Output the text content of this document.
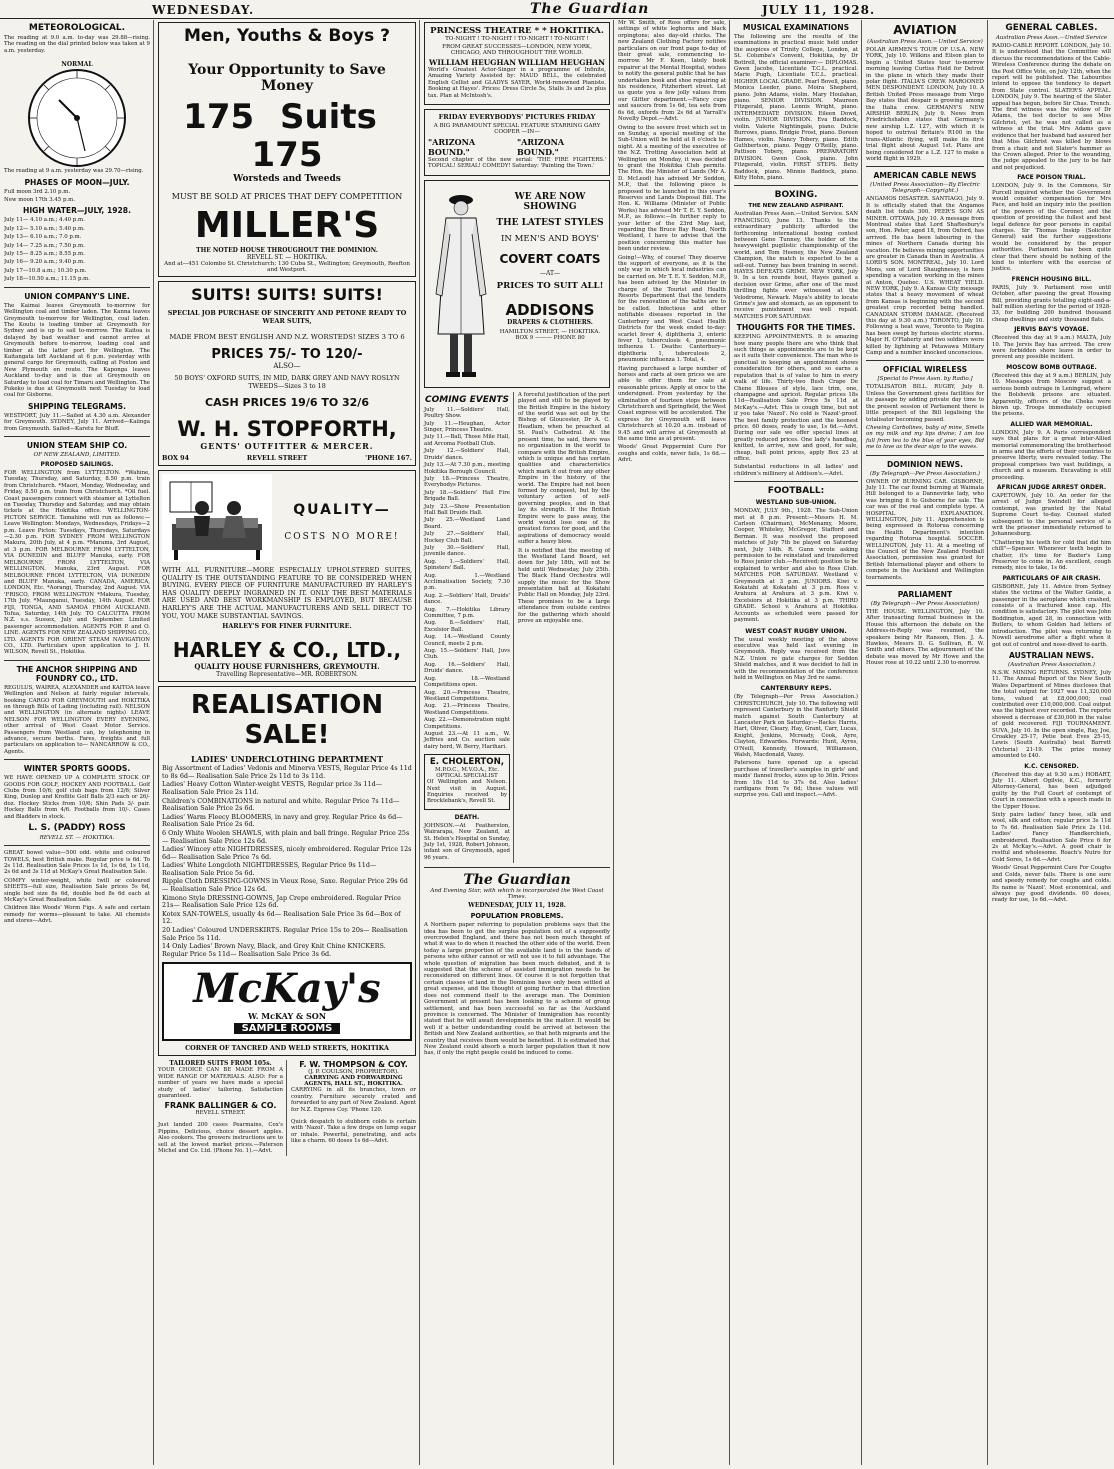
WEDNESDAY.	The Guardian	JULY 11, 1928.
METEOROLOGICAL.

The reading at 9.0 a.m. to-day was 29.88—rising. The reading on the dial printed below was taken at 9 a.m. yesterday.

NORMAL

The reading at 9 a.m. yesterday was 29.70—rising.

PHASES OF MOON—JULY.

Full moon 3rd 2.10 p.m.

New moon 17th 3.45 p.m.

HIGH WATER—JULY, 1928.

July 11— 4.10 a.m.; 4.40 p.m.

July 12— 5.10 a.m.; 5.40 p.m.

July 13— 6.10 a.m.; 7.0 p.m.

July 14— 7.25 a.m.; 7.50 p.m.

July 15— 8.25 a.m.; 8.55 p.m.

July 16— 9.20 a.m.; 9.40 p.m.

July 17—10.8 a.m.; 10.30 p.m.

July 18—10.50 a.m.; 11.15 p.m.

UNION COMPANY'S LINE.

The Kaimai leaves Greymouth to-morrow for Wellington coal and timber laden. The Kanna leaves Greymouth to-morrow for Wellington, coal laden. The Koutu is loading timber at Greymouth for Sydney and is up to sail to-morrow. The Kaitoa is delayed by bad weather and cannot arrive at Greymouth before to-morrow, loading coal and timber at the latter port for Wellington. The Kaitangata left Auckland at 6 p.m. yesterday with general cargo for Greymouth, calling at Foxton and New Plymouth en route. The Kaponga leaves Auckland to-day and is due at Greymouth on Saturday to load coal for Timaru and Wellington. The Pukeko is due at Greymouth next Tuesday to load coal for Gisborne.

SHIPPING TELEGRAMS.

WESTPORT, July 11.—Sailed at 4.30 a.m. Alexander for Greymouth. SYDNEY, July 11. Arrived—Kaiinga from Greymouth. Sailed—Karetu for Bluff.

UNION STEAM SHIP CO.
OF NEW ZEALAND, LIMITED.
PROPOSED SAILINGS.

FOR WELLINGTON from LYTTELTON. *Wahine, Tuesday, Thursday, and Saturday, 8.50 p.m. train from Christchurch. *Maori, Monday, Wednesday, and Friday, 8.50 p.m. train from Christchurch. *Oil fuel. Coast passengers connect with steamer at Lyttelton on Tuesday, Thursday and Saturday, and may obtain tickets at the Hokitika office. WELLINGTON-PICTON SERVICE. Tamahine will run as follows:— Leave Wellington: Mondays, Wednesdays, Fridays—2 p.m. Leave Picton: Tuesdays, Thursdays, Saturdays—2.30 p.m. FOR SYDNEY FROM WELLINGTON Makura, 20th July, at 4 p.m. *Marama, 3rd August, at 3 p.m. FOR MELBOURNE FROM LYTTELTON, VIA DUNEDIN and BLUFF Manuka, early. FOR MELBOURNE FROM LYTTELTON, VIA WELLINGTON. Manuka, 23rd August. FOR MELBOURNE FROM LYTTELTON, VIA DUNEDIN and BLUFF Manuka, early. CANADA, AMERICA, LONDON, Etc. *Aorangi, Thursday, 2nd August. VIA 'FRISCO, FROM WELLINGTON *Makura, Tuesday, 17th July. *Maunganui, Tuesday, 14th August. FOR FIJI, TONGA, AND SAMOA FROM AUCKLAND. Tofua, Saturday, 14th July. TO CALCUTTA FROM N.Z. s.s. Sussex, July and September. Limited passenger accommodation. AGENTS FOR P. and O. LINE. AGENTS FOR NEW ZEALAND SHIPPING CO., LTD. AGENTS FOR ORIENT STEAM NAVIGATION CO., LTD. Particulars upon application to J. H. WILSON, Revell St., Hokitika.

THE ANCHOR SHIPPING AND FOUNDRY CO., LTD.

REGULUS, WAIREA, ALEXANDER and KAITOA leave Wellington and Nelson at fairly regular intervals, booking CARGO FOR GREYMOUTH and HOKITIKA on through Bills of Lading (including rail). NELSON and WELLINGTON (in alternate nights) LEAVE NELSON FOR WELLINGTON EVERY EVENING, other arrival of West Coast Motor Service. Passengers from Westland can, by telephoning in advance, secure berths. Fares, freights and full particulars on application to— NANCARROW & CO., Agents.

WINTER SPORTS GOODS.

WE HAVE OPENED UP A COMPLETE STOCK OF GOODS FOR GOLF, HOCKEY AND FOOTBALL. Golf Clubs from 10/6; golf club bags from 12/6; Silver King, Dunlop and Kroflite Golf Balls 2/3 each or 26/- doz. Hockey Sticks from 10/6; Shin Pads 3/- pair. Hockey Balls from 4/6. Footballs from 10/-. Cases and Bladders in stock.

L. S. (PADDY) ROSS
REVELL ST. — HOKITIKA.

GREAT bowel value—500 odd. white and coloured TOWELS, best British make. Regular price is 6d. To 2s 11d. Realisation Sale Prices 1s 1d, 1s 6d, 1s 11d, 2s 6d and 3s 11d at McKay's Great Realisation Sale.

COMFY winter-weight, white twill or coloured SHEETS—full size, Realisation Sale prices 5s 6d, single bed size 8s 6d, double bed 8s 6d each at McKay's Great Realisation Sale.

Children like Woods' Worm Figs. A safe and certain remedy for worms—pleasant to take. All chemists and stores—Advt.

Men, Youths & Boys ?
Your Opportunity to Save Money
175 Suits 175
Worsteds and Tweeds
MUST BE SOLD AT PRICES THAT DEFY COMPETITION
MILLER'S
THE NOTED HOUSE THROUGHOUT THE DOMINION.
REVELL ST. — HOKITIKA.
And at—451 Colombo St. Christchurch; 130 Cuba St., Wellington; Greymouth, Reefton and Westport.
SUITS! SUITS! SUITS!
SPECIAL JOB PURCHASE OF SINCERITY AND PETONE READY TO WEAR SUITS,
MADE FROM BEST ENGLISH AND N.Z. WORSTEDS! SIZES 3 TO 6
PRICES 75/- TO 120/-
ALSO—
50 BOYS' OXFORD SUITS, IN MID, DARK GREY AND NAVY ROSLYN TWEEDS—Sizes 3 to 18
CASH PRICES 19/6 TO 32/6
W. H. STOPFORTH,
GENTS' OUTFITTER & MERCER.
BOX 94	REVELL STREET	'PHONE 167.
QUALITY—
COSTS NO MORE!

WITH ALL FURNITURE—MORE ESPECIALLY UPHOLSTERED SUITES, QUALITY IS THE OUTSTANDING FEATURE TO BE CONSIDERED WHEN BUYING. EVERY PIECE OF FURNITURE MANUFACTURED BY HARLEY'S HAS QUALITY DEEPLY INGRAINED IN IT. ONLY THE BEST MATERIALS ARE USED AND BEST WORKMANSHIP IS EMPLOYED, BUT BECAUSE HARLEY'S ARE THE ACTUAL MANUFACTURERS AND SELL DIRECT TO YOU, YOU MAKE SUBSTANTIAL SAVINGS.

HARLEY'S FOR FINER FURNITURE.
HARLEY & CO., LTD.,
QUALITY HOUSE FURNISHERS, GREYMOUTH.
Travelling Representative—MR. ROBERTSON.
REALISATION SALE!
LADIES' UNDERCLOTHING DEPARTMENT

Big Assortment of Ladies' Vedonis and Minerva VESTS, Regular Price 4s 11d to 8s 6d— Realisation Sale Price 2s 11d to 3s 11d.

Ladies' Heavy Cotton Winter-weight VESTS, Regular price 3s 11d— Realisation Sale Price 2s 11d.

Children's COMBINATIONS in natural and white. Regular Price 7s 11d— Realisation Sale Price 2s 6d.

Ladies' Warm Fleecy BLOOMERS, in navy and grey. Regular Price 4s 6d— Realisation Sale Price 2s 6d.

6 Only White Woolen SHAWLS, with plain and ball fringe. Regular Price 25s— Realisation Sale Price 12s 6d.

Ladies' Wincey ette NIGHTDRESSES, nicely embroidered. Regular Price 12s 6d— Realisation Sale Price 7s 6d.

Ladies' White Longcloth NIGHTDRESSES, Regular Price 9s 11d— Realisation Sale Price 5s 6d.

Ripple Cloth DRESSING-GOWNS in Vieux Rose, Saxe. Regular Price 29s 6d— Realisation Sale Price 12s 6d.

Kimono Style DRESSING-GOWNS, Jap Crepe embroidered. Regular Price 21s— Realisation Sale Price 12s 6d.

Kotex SAN-TOWELS, usually 4s 6d— Realisation Sale Price 3s 6d—Box of 12.

20 Ladies' Coloured UNDERSKIRTS. Regular Price 15s to 20s— Realisation Sale Price 5s 11d.

14 Only Ladies' Brown Navy, Black, and Grey Knit Chine KNICKERS. Regular Price 5s 11d— Realisation Sale Price 3s 6d.

McKay's
W. McKAY & SON
SAMPLE ROOMS
CORNER OF TANCRED AND WELD STREETS, HOKITIKA
TAILORED SUITS FROM 105s.

YOUR CHOICE CAN BE MADE FROM A WIDE RANGE OF MATERIALS. ALSO: For a number of years we have made a special study of ladies' tailoring. Satisfaction guaranteed.

FRANK BALLINGER & CO.
REVELL STREET.

Just landed 200 cases Pearmains, Cox's Pippins, Delicious, choice dessert apples. Also cookers. The growers instructions are to sell at the lowest market prices.—Paterson Michel and Co. Ltd. (Phone No. 1).—Advt.

F. W. THOMPSON & COY.
(J. P. COULSON, PROPRIETOR).
CARRYING AND FORWARDING AGENTS, HALL ST., HOKITIKA.

CARRYING in all its branches, town or country. Furniture securely crated and forwarded to any part of New Zealand. Agent for N.Z. Express Coy. 'Phone 120.

Quick despatch to stubborn colds is certain with 'Nazol'. Take a few drops on lump sugar or inhale. Powerful, penetrating, and acts like a charm. 60 doses 1s 6d—Advt.

PRINCESS THEATRE * * HOKITIKA.
TO-NIGHT ! TO-NIGHT ! TO-NIGHT ! TO-NIGHT !
FROM GREAT SUCCESSES—LONDON, NEW YORK, CHICAGO, AND THROUGHOUT THE WORLD.
WILLIAM HEUGHAN WILLIAM HEUGHAN

World's Greatest Actor-Singer in a programme of Infinite, Amazing Variety Assisted by: MAUD BELL, the celebrated English Cellist and GLADYS SAYER, World-renowned Pianiste. Booking at Hayes'. Prices: Dress Circle 5s, Stalls 3s and 2s plus tax. Plan at McIntosh's.

FRIDAY EVERYBODYS' PICTURES FRIDAY
A BIG PARAMOUNT SPECIAL FEATURE STARRING GARY COOPER —IN—
"ARIZONA BOUND."
"ARIZONA BOUND."

Second chapter of the new serial: 'THE FIRE FIGHTERS.' TOPICAL! SERIAL! COMEDY! Saturday: 'Painting the Town.'

WE ARE NOW SHOWING
THE LATEST STYLES
IN MEN'S AND BOYS'
COVERT COATS
—AT—
PRICES TO SUIT ALL!
ADDISONS
DRAPERS & CLOTHIERS.
HAMILTON STREET, — HOKITIKA.
BOX 9 ——— PHONE 80
COMING EVENTS

July 11.—Soldiers' Hall, Poultry Show.

July 11.—Heughan, Actor Singer, Princess Theatre.

July 11.—Ball, Those Mile Hall, aid Arcoma Football Club.

July 12.—Soldiers' Hall, Druids' dance.

July 13.—At 7.30 p.m., meeting Hokitika Borough Council.

July 18.—Princess Theatre, Everybodys Pictures.

July 18.—Soldiers' Hall Fire Brigade Ball.

July 23.—Show Presentation Hall Ball Druids Hall.

July 25.—Westland Land Board.

July 27.—Soldiers' Hall, Hockey Club Ball.

July 30.—Soldiers' Hall, juvenile dance.

Aug. 1.—Soldiers' Hall, Spinsters' Ball.

Aug. 1.—Westland Acclimatisation Society, 7.30 p.m.

Aug. 2.—Soldiers' Hall, Druids' dance.

Aug. 7.—Hokitika Library Committee, 7 p.m.

Aug. 8.—Soldiers' Hall, Excelsior Ball.

Aug. 14.—Westland County Council, meets 2 p.m.

Aug. 15.—Soldiers' Hall, Juvs Club.

Aug. 16.—Soldiers' Hall, Druids' dance.

Aug. 18.—Westland Competitions open.

Aug. 20.—Princess Theatre, Westland Competitions.

Aug. 21.—Princess Theatre, Westland Competitions.

Aug. 22.—Demonstration night Competitions.

August 23.—At 11 a.m., W. Jeffries and Co. auction sale dairy herd, W. Berry, Harihari.

E. CHOLERTON,
M.P.O.C., M.V.O.A., Etc. OPTICAL SPECIALIST

Of Wellington and Nelson. Next visit in August. Enquiries received by Brocklebank's, Revell St.

DEATH.

JOHNSON.—At Featherston, Wairarapa, New Zealand, at St. Helen's Hospital on Sunday, July 1st, 1928, Robert Johnson, infant son of Greymouth, aged 96 years.

A forceful justification of the port played and still to be played by the British Empire in the history of the world was set out by the Bishop of Gloucester, Dr A. C. Headlam, when he preached at St. Paul's Cathedral. At the present time, he said, there was no organisation in the world to compare with the British Empire, which is unique and has certain qualities and characteristics which mark it out from any other Empire in the history of the world. The Empire had not been formed by conquest, but by the voluntary action of self-governing peoples, and in that lay its strength. If the British Empire were to pass away, the world would lose one of its greatest forces for good, and the aspirations of democracy would suffer a heavy blow.

It is notified that the meeting of the Westland Land Board, set down for July 18th, will not be held until Wednesday, July 25th. The Black Hand Orchestra will supply the music for the Show presentation ball at Kokatahi Public Hall on Monday, July 23rd. These promises to be a large attendance from outside centres for the gathering which should prove an enjoyable one.

The Guardian
And Evening Star, with which is incorporated the West Coast Times.
WEDNESDAY, JULY 11, 1928.
POPULATION PROBLEMS.

A Northern paper referring to population problems says that the idea has been to get the surplus population out of a supposedly overcrowded England, and there has not been much thought of what it was to do when it reached the other side of the world. Even today a large proportion of the available land is in the hands of persons who either cannot or will not use it to full advantage. The whole question of migration has been much debated, and it is suggested that the scheme of assisted immigration needs to be reconsidered on different lines. Of course it is not forgotten that certain classes of land in the Dominion have only been settled at great expense, and the thought of going further in that direction does not commend itself to the average man. The Dominion Government at present has been looking to a scheme of group settlement, and has been successful so far as the Auckland province is concerned. The Minister of Immigration has recently stated that he will await developments in the matter. It would be well if a better understanding could be arrived at between the British and New Zealand authorities, so that both migrants and the country that receives them would be benefited. It is estimated that New Zealand could absorb a much larger population than it now has, if only the right people could be induced to come.

Mr W. Smith, of Ross offers for sale, settings of white leghorns and black orpingtons; also day-old chicks. The new Zealand Clothing Factory notifies particulars on our front page to-day of their great sale, commencing to-morrow. Mr F. Keen, lately book repairer at the Mental Hospital, wishes to notify the general public that he has undertaken book and shoe repairing at his residence, Fitzherbert street. Let us quote you a few jolly values from our Glitter department.—Fancy cups and saucers from 1s 6d, tea sets from 6s 6d, oxfords from 2s 6d at Yarrall's Novelty Depot.—Advt.

Owing to the severe frost which set in on Sunday, a special meeting of the Sub-Union will be held at 8 o'clock to-night. At a meeting of the executive of the N.Z. Trotting Association held at Wellington on Monday, it was decided to grant the Hokitika Club permits. The Hon. the Minister of Lands (Mr A. D. McLeod) has advised Mr Seddon, M.P., that the following piece is proposed to be launched in this year's Reserves and Lands Disposal Bill. The Hon. K. Williams (Minister of Public Works) has advised Mr T. E. Y. Seddon, M.P., as follows:—In further reply to your letter of the 23rd May last, regarding the Bruce Bay Road, North Westland, I have to advise that the position concerning this matter has been under review.

Going!—Why, of course! They deserve the support of everyone, as it is the only way in which local industries can be carried on. Mr T. E. Y. Seddon, M.P., has been advised by the Minister in charge of the Tourist and Health Resorts Department that the tenders for the renovation of the baths are to be called. Infectious and other notifiable diseases reported in the Canterbury and West Coast Health Districts for the week ended to-day: scarlet fever 4, diphtheria 3, enteric fever 1, tuberculosis 4, pneumonic influenza 1. Deaths: Canterbury—diphtheria 1, tuberculosis 2, pneumonic influenza 1. Total, 4.

Having purchased a large number of horses and carts at own prices we are able to offer them for sale at reasonable prices. Apply at once to the undersigned. From yesterday by the elimination of fourteen stops between Christchurch and Springfield, the West Coast express will be accelerated. The express for Greymouth will leave Christchurch at 10.20 a.m. instead of 9.45 and will arrive at Greymouth at the same time as at present.

Woods' Great Peppermint Cure For coughs and colds, never fails, 1s 6d.—Advt.

MUSICAL EXAMINATIONS

The following are the results of the examinations in practical music held under the auspices of Trinity College, London, at St. Columba's Convent, Hokitika, by Dr Bottrell, the official examiner:— DIPLOMAS. Gwen Jacobs, Licentiate T.C.L. practical. Marie Pugh, Licentiate T.C.L. practical. HIGHER LOCAL GRADE. Pearl Bovell, piano. Monica Leeder, piano. Moira Shepherd, piano. John Adams, violin. Mary Houlahan, piano. SENIOR DIVISION. Maureen Fitzgerald, piano. Lennis Wright, piano. INTERMEDIATE DIVISION. Eileen Dowd, violin. JUNIOR DIVISION. Eva Baddock, violin. Valerie Nightingale, piano. Dulcie Burrows, piano. Bridgie Frost, piano. Doreen Hames, violin. Nancy Tobery, piano. Edith Guthbertson, piano. Peggy O'Reilly, piano. Pattison Tobery, piano. PREPARATORY DIVISION. Gwen Cook, piano. John Fitzgerald, violin. FIRST STEPS. Betty Baddock, piano. Minnie Baddock, piano. Kitty Hohn, piano.

BOXING.
THE NEW ZEALAND ASPIRANT.

Australian Press Assn.—United Service. SAN FRANCISCO, June 13. Thanks to the extraordinary publicity afforded the forthcoming international boxing contest between Gene Tunney, the holder of the heavyweight pugilistic championship of the world, and Tom Heeney, the New Zealand Champion, the match is expected to be a sell-out. Tunney has been training in secret. HAYES DEFEATS GRIME. NEW YORK, July 9. In a ten rounds bout, Hayes gained a decision over Grime, after one of the most thrilling fights ever witnessed at the Velodrome, Newark. Maya's ability to locate Grime's jaw and stomach, as an opponent to receive punishment was well repaid. MATCHES FOR SATURDAY.

THOUGHTS FOR THE TIMES.

KEEPING APPOINTMENTS. It is amazing how many people there are who think that such things as appointments are to be kept as it suits their convenience. The man who is punctual in keeping an appointment shows consideration for others, and so earns a reputation that is of value to him in every walk of life. Thirty-two Bush Crape De Chene Blouses of style, lace trim, one, champagne and apricot. Regular prices 18s 11d—Realisation Sale Price 5s 11d at McKay's.—Advt. This is cough time, but not if you take 'Nazol'. No cold is 'Nazol'-proof. The best family protection and the keenest price. 60 doses, ready to use, 1s 6d.—Advt. During our sale we offer special lines at greatly reduced prices. One lady's handbag, knitted, to arrive, new and good, for sale, cheap, ball point prices, apply Box 23 at office.

Substantial reductions in all ladies' and children's millinery at Addison's.—Advt.

FOOTBALL:
WESTLAND SUB-UNION.

MONDAY, JULY 9th., 1928. The Sub-Union met at 8 p.m. Present:—Messrs H. M. Carlson (Chairman), McMenamy, Moore, Cooper, Whiteley, McGregor, Stafford and Berman. It was resolved the proposed matches of July 7th be played on Saturday next, July 14th. R. Gunn wrote asking permission to be reinstated and transferred to Ross junior club.—Received; position to be explained to writer and also to Ross Club. MATCHES FOR SATURDAY. Westland v. Greymouth at 3 p.m. JUNIORS. Kiwi v. Kokatahi at Kokatahi at 3 p.m. Ross v. Arahura at Arahura at 3 p.m. Kiwi v. Excelsiors at Hokitika at 3 p.m. THIRD GRADE. School v. Arahura at Hokitika. Accounts as scheduled were passed for payment.

WEST COAST RUGBY UNION.

The usual weekly meeting of the above executive was held last evening in Greymouth. Reply was received from the N.Z. Union re gate charges for Seddon Shield matches, and it was decided to fall in with the recommendation of the conference held in Wellington on May 3rd re same.

CANTERBURY REPS.

(By Telegraph—Per Press Association.) CHRISTCHURCH, July 10. The following will represent Canterbury in the Ranfurly Shield match against South Canterbury at Lancaster Park on Saturday:—Backs: Harris, Hart, Oliver, Cleary, Hay, Grant, Carr, Lucas, Knight, Jenkins, Mcready, Cook, Ayre, Clayton, Edwardes. Forwards: Hunt, Ayres, O'Neill, Kennedy, Howard, Williamson, Walsh, Macdonald, Vazey.

Patersons have opened up a special purchase of traveller's samples in girls' and maids' flannel frocks, sizes up to 36in. Prices from 18s 11d to 37s 6d. Also ladies' cardigans from 7s 6d; these values will surprise you. Call and inspect.—Advt.

AVIATION
(Australian Press Assn.—United Service)

POLAR AIRMEN'S TOUR OF U.S.A. NEW YORK, July 10. Wilkins and Eilson plan to begin a United States tour to-morrow morning leaving Curtiss Field for Detroit in the plane in which they made their polar flight. ITALIA'S CREW. MAROONED MEN DESPONDENT. LONDON, July 10. A British United Press message from Virgo Bay states that despair is growing among the Italia crew. GERMANY'S NEW AIRSHIP. BERLIN, July 9. News from Friedrichshafen states that Germany's new airship L.Z. 127, with which it is hoped to outrival Britain's R100 in the trans-Atlantic flying, will make its first trial flight about August 1st. Plans are being considered for a L.Z. 127 to make a world flight in 1929.

AMERICAN CABLE NEWS
(United Press Association—By Electric Telegraph—Copyright.)

ANGAMOS DISASTER. SANTIAGO, July 9. It is officially stated that the Angamos death list totals 300. PEER'S SON AS MINER. OTTAWA, July 10. A message from Montreal states that Lord Shaftesbury's son, Hon. Peter, aged 18, from Oxford, has arrived. He has been labouring in the mines of Northern Canada during his vacation. He believes mining opportunities are greater in Canada than in Australia. A LORD'S SON. MONTREAL, July 10. Lord Mons, son of Lord Shaughnessy, is here spending a vacation working in the mines at Anton, Quebec. U.S. WHEAT YIELD. NEW YORK, July 9. A Kansas City message states that a heavy movement of wheat from Kansas is beginning with the second greatest crop recorded being handled. CANADIAN STORM DAMAGE. (Received this day at 9.30 a.m.) TORONTO, July 10. Following a heat wave, Toronto to Regina has been swept by furious electric storms. Major H. O'Flaherty and two soldiers were killed by lightning at Petawawa Military Camp and a number knocked unconscious.

OFFICIAL WIRELESS
[Special to Press Assn. by Radio.]

TOTALISATOR BILL. RUGBY, July 8. Unless the Government gives facilities for its passage by adding private day time to the present session of Parliament there is little prospect of the Bill legalising the totalisator becoming passed.

Chewing Carbolines, baby of mine, Smells on my milk and my lips divine; I am too full from tea to the blue of your eyes, Bid me to love as the dear sign to the waves.

DOMINION NEWS.
(By Telegraph—Per Press Association.)

OWNER OF BURNING CAR. GISBORNE, July 11. The car found burning at Waimata Hill belonged to a Dannevirke lady, who was bringing it to Gisborne for sale. The car was of the real and complete type. A HOSPITAL EXPLANATION. WELLINGTON, July 11. Apprehension is being expressed in Rotorua concerning the Health Department's intention regarding Rotorua hospital. SOCCER. WELLINGTON, July 11. At a meeting of the Council of the New Zealand Football Association, permission was granted for British International player and others to compete in the Auckland and Wellington tournaments.

PARLIAMENT
(By Telegraph—Per Press Association)

THE HOUSE. WELLINGTON, July 10. After transacting formal business in the House this afternoon the debate on the Address-in-Reply was resumed, the speakers being Mr Ransom, Hon. J. A. Hawkes, Messrs D. G. Sullivan, R. W. Smith and others. The adjournment of the debate was moved by Mr Howe and the House rose at 10.22 until 2.30 to-morrow.

GENERAL CABLES.
Australian Press Assn.—United Service

RADIO-CABLE REPORT. LONDON, July 10. It is understood that the Committee will discuss the recommendations of the Cable-Wireless Conference during the debate on the Post Office Vote, on July 12th, when the report will be published. The Labourites intend to oppose the tendency to depart from State control. SLATER'S APPEAL. LONDON, July 9. The hearing of the Slater appeal has begun, before Sir Chas. Trench. The first witness was the widow of Dr Adams, the test doctor to see Miss Gilchrist, yet he was not called as a witness at the trial. Mrs Adams gave evidence that her husband had assured her that Miss Gilchrist was killed by blows from a chair, and not Slater's hammer as the Crown alleged. Prior to the wounding, the judge appealed to the jury to be fair and not prejudiced.

FACE POISON TRIAL.

LONDON, July 9. In the Commons, Sir Purcell inquired whether the Government would consider compensation for Mrs Pace, and hold an inquiry into the position of the powers of the Coroner, and the question of providing the fullest and best legal defence for poor persons in capital charges. Sir Thomas Inskip (Solicitor General) said the further suggestions would be considered by the proper authorities. Parliament has been quite clear that there should be nothing of the kind to interfere with the exercise of justice.

FRENCH HOUSING BILL.

PARIS, July 9. Parliament rose until October, after passing the great Housing Bill, providing grants totalling eight-and-a-half million sterling for the period of 1928-33, for building 200 hundred thousand cheap dwellings and sixty thousand flats.

JERVIS BAY'S VOYAGE.

(Received this day at 9 a.m.) MALTA, July 10. The Jervis Bay has arrived. The crew were forbidden shore leave in order to prevent any possible incident.

MOSCOW BOMB OUTRAGE.

(Received this day at 9 a.m.) BERLIN, July 10. Messages from Moscow suggest a serious bomb outrage in Leningrad, where the Bolshevik prisons are situated. Apparently, officers of the Cheka were blown up. Troops immediately occupied the prisons.

ALLIED WAR MEMORIAL.

LONDON, July 9. A Paris correspondent says that plans for a great inter-Allied memorial commemorating the brotherhood in arms and the efforts of their countries to preserve liberty, were revealed today. The proposal comprises two vast buildings, a church and a museum. Excavating is still proceeding.

AFRICAN JUDGE ARREST ORDER.

CAPETOWN, July 10. An order for the arrest of Judge Swindell for alleged contempt, was granted by the Natal Supreme Court to-day. Counsel stated subsequent to the personal service of a writ the prisoner immediately returned to Johannesburg.

"Chattering his teeth for cold that did him chill"—Spenser. Whenever teeth begin to chatter, it's time for Baxter's Lung Preserver to come in. An excellent, cough remedy, nice to take, 1s 6d.

PARTICULARS OF AIR CRASH.

GISBORNE, July 11. Advice from Sydney states the victims of the Walter Goldie, a passenger in the aeroplane which crashed, consists of a fractured knee cap. His condition is satisfactory. The pilot was John Boddington, aged 28, in connection with Butlers, to whom Goldsn had letters of introduction. The pilot was returning to Nowell aerodrome after a flight when it got out of control and nose-dived to earth.

AUSTRALIAN NEWS.
(Australian Press Association.)

N.S.W. MINING RETURNS. SYDNEY, July 11. The Annual Report of the New South Wales Department of Mines discloses that the total output for 1927 was 11,320,000 tons, valued at £8,000,000; coal contributed over £10,000,000. Coal output was the highest ever recorded. The reports showed a decrease of £30,000 in the value of gold recovered. FIJI TOURNAMENT. SUVA, July 10. In the open single, Ray, Joe, Croakley 25-17, Petie beat Eves 25-15, Lewis (South Australia) beat Barrett (Victoria) 21-19. The prize money amounted to £40.

K.C. CENSORED.

(Received this day at 9.30 a.m.) HOBART, July 11. Albert Ogilvie, K.C., formerly Attorney-General, has been adjudged guilty by the Full Court of contempt of Court in connection with a speech made in the Upper House.

Sixty pairs ladies' fancy hose, silk and wool, silk and cotton; regular price 3s 11d to 7s 6d. Realisation Sale Price 2s 11d. Ladies' Fancy Handkerchiefs, embroidered. Realisation Sale Price 6 for 2s at McKay's.—Advt. A good chair is restful and wholesome. Roach's Nutro for Cold Sores, 1s 6d.—Advt.

Woods' Great Peppermint Cure For Coughs and Colds, never fails. There is one sure and speedy remedy for coughs and colds. Its name is 'Nazol'. Most economical, and always pay good dividends. 60 doses, ready for use, 1s 6d.—Advt.
